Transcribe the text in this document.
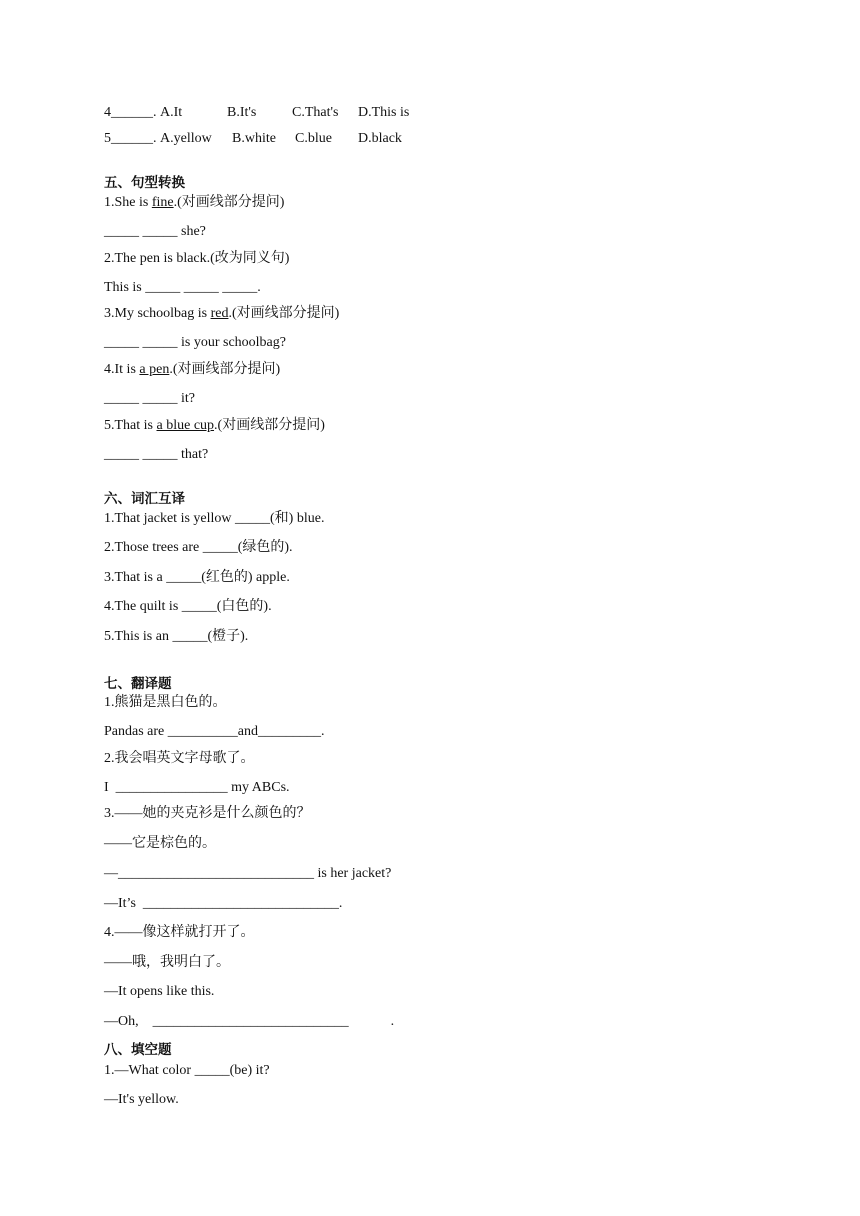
4______. A.It	B.It's	C.That's D.This is
5______. A.yellow B.white C.blue D.black
五、句型转换
1.She is fine.(对画线部分提问)
_____ _____ she?
2.The pen is black.(改为同义句)
This is _____ _____ _____.
3.My schoolbag is red.(对画线部分提问)
_____ _____ is your schoolbag?
4.It is a pen.(对画线部分提问)
_____ _____ it?
5.That is a blue cup.(对画线部分提问)
_____ _____ that?
六、词汇互译
1.That jacket is yellow _____(和) blue.
2.Those trees are _____(绿色的).
3.That is a _____(红色的) apple.
4.The quilt is _____(白色的).
5.This is an _____(橙子).
七、翻译题
1.熊猫是黑白色的。
Pandas are __________and_________.
2.我会唱英文字母歌了。
I  ________________ my ABCs.
3.——她的夹克衫是什么颜色的？
——它是棕色的。
—____________________________ is her jacket?
—It’s  ____________________________.
4.——像这样就打开了。
——哦，我明白了。
—It opens like this.
—Oh,    ____________________________            .
八、填空题
1.—What color _____(be) it?
—It's yellow.
